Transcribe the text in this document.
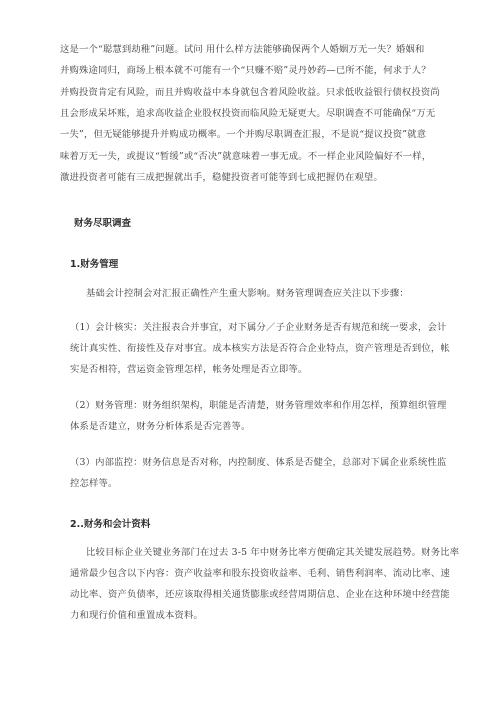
这是一个“聪慧到劫稚”问题。试问 用什么样方法能够确保两个人婚姻万无一失？婚姻和
并购殊途同归，商场上根本就不可能有一个“只赚不赔”灵丹妙药—已所不能，何求于人？
并购投资肯定有风险，而且并购收益中本身就包含着风险收益。只求低收益银行债权投资尚
且会形成呆坏账，追求高收益企业股权投资而临风险无疑更大。尽职调查不可能确保“万无
一失”，但无疑能够提升并购成功概率。一个并购尽职调查汇报，不是说“提议投资”就意
味着万无一失，或提议“暂缓”或“否决”就意味着一事无成。不一样企业风险偏好不一样，
激进投资者可能有三成把握就出手，稳健投资者可能等到七成把握仍在观望。
财务尽职调查
1.财务管理
基础会计控制会对汇报正确性产生重大影响。财务管理调查应关注以下步骤：
（1）会计核实：关注报表合并事宜，对下属分／子企业财务是否有规范和统一要求，会计
统计真实性、衔接性及存对事宜。成本核实方法是否符合企业特点，资产管理是否到位，帐
实是否相符，营运资金管理怎样，帐务处理是否立即等。
（2）财务管理：财务组织架构，职能是否清楚，财务管理效率和作用怎样，预算组织管理
体系是否建立，财务分析体系是否完善等。
（3）内部监控：财务信息是否对称，内控制度、体系是否健全，总部对下属企业系统性监
控怎样等。
2..财务和会计资料
比较目标企业关键业务部门在过去 3-5 年中财务比率方便确定其关键发展趋势。财务比率
通常最少包含以下内容：资产收益率和股东投资收益率、毛利、销售利润率、流动比率、速
动比率、资产负债率，还应该取得相关通货膨胀或经营周期信息、企业在这种环境中经营能
力和现行价值和重置成本资料。
